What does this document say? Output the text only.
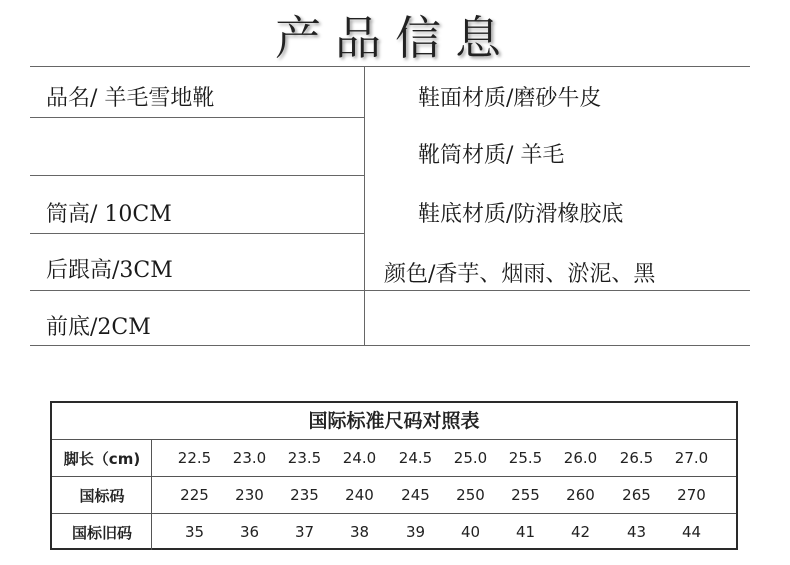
产品信息
品名/ 羊毛雪地靴
筒高/ 10CM
后跟高/3CM
前底/2CM
鞋面材质/磨砂牛皮
靴筒材质/ 羊毛
鞋底材质/防滑橡胶底
颜色/香芋、烟雨、淤泥、黑
国际标准尺码对照表
脚长（cm)	22.5	23.0	23.5	24.0	24.5	25.0	25.5	26.0	26.5	27.0
国标码	225	230	235	240	245	250	255	260	265	270
国标旧码	35	36	37	38	39	40	41	42	43	44
